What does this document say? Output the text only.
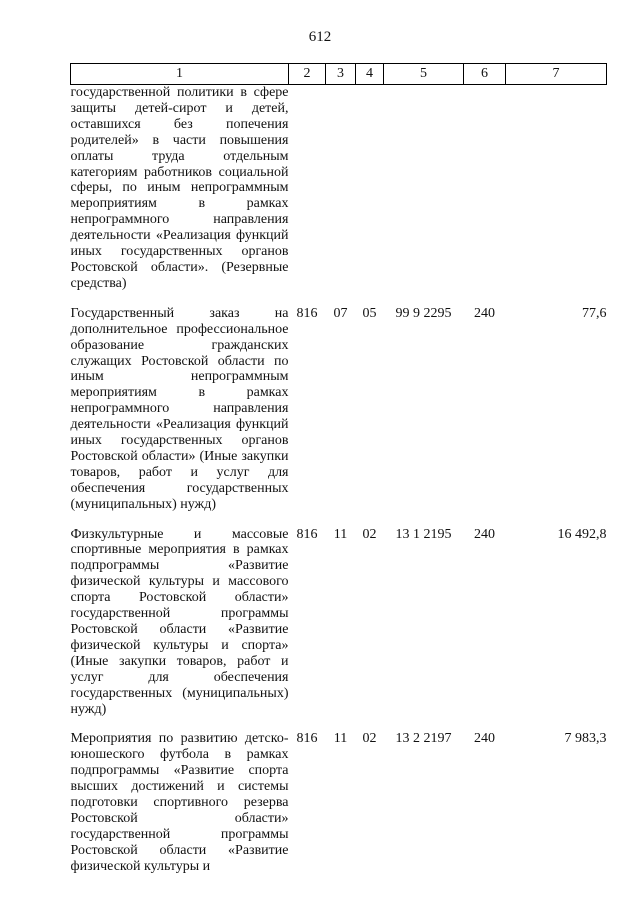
612
1	2	3	4	5	6	7
государственной политики в сфере защиты детей-сирот и детей, оставшихся без попечения родителей» в части повышения оплаты труда отдельным категориям работников социальной сферы, по иным непрограммным мероприятиям в рамках непрограммного направления деятельности «Реализация функций иных государственных органов Ростовской области». (Резервные средства)						

Государственный заказ на дополнительное профессиональное образование гражданских служащих Ростовской области по иным непрограммным мероприятиям в рамках непрограммного направления деятельности «Реализация функций иных государственных органов Ростовской области» (Иные закупки товаров, работ и услуг для обеспечения государственных (муниципальных) нужд)	816	07	05	99 9 2295	240	77,6

Физкультурные и массовые спортивные мероприятия в рамках подпрограммы «Развитие физической культуры и массового спорта Ростовской области» государственной программы Ростовской области «Развитие физической культуры и спорта» (Иные закупки товаров, работ и услуг для обеспечения государственных (муниципальных) нужд)	816	11	02	13 1 2195	240	16 492,8

Мероприятия по развитию детско-юношеского футбола в рамках подпрограммы «Развитие спорта высших достижений и системы подготовки спортивного резерва Ростовской области» государственной программы Ростовской области «Развитие физической культуры и	816	11	02	13 2 2197	240	7 983,3
